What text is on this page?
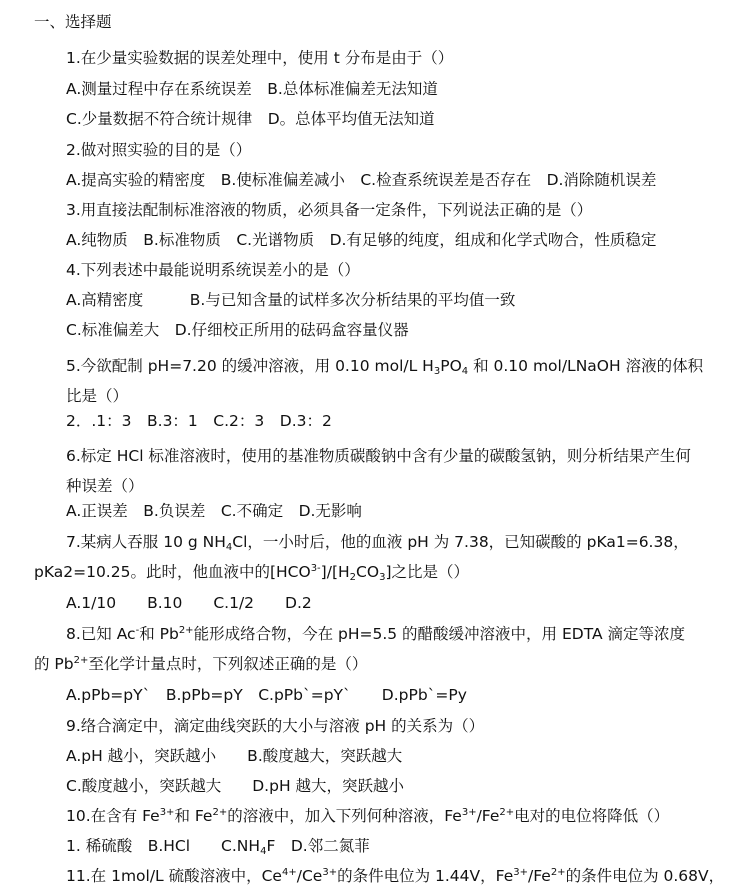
一、选择题
1.在少量实验数据的误差处理中，使用 t 分布是由于（）
A.测量过程中存在系统误差　B.总体标准偏差无法知道
C.少量数据不符合统计规律　D。总体平均值无法知道
2.做对照实验的目的是（）
A.提高实验的精密度　B.使标准偏差减小　C.检查系统误差是否存在　D.消除随机误差
3.用直接法配制标准溶液的物质，必须具备一定条件，下列说法正确的是（）
A.纯物质　B.标准物质　C.光谱物质　D.有足够的纯度，组成和化学式吻合，性质稳定
4.下列表述中最能说明系统误差小的是（）
A.高精密度　　　B.与已知含量的试样多次分析结果的平均值一致
C.标准偏差大　D.仔细校正所用的砝码盒容量仪器
5.今欲配制 pH=7.20 的缓冲溶液，用 0.10 mol/L $H_3PO_4$ 和 0.10 mol/LNaOH 溶液的体积比是（）
2．.1：3　B.3：1　C.2：3　D.3：2
6.标定 HCl 标准溶液时，使用的基准物质碳酸钠中含有少量的碳酸氢钠，则分析结果产生何种误差（）
A.正误差　B.负误差　C.不确定　D.无影响
7.某病人吞服 10 g $NH_4Cl$，一小时后，他的血液 pH 为 7.38，已知碳酸的 pKa1=6.38，
pKa2=10.25。此时，他血液中的$[HCO^{3-}]/[H_2CO_3]$之比是（）
A.1/10　　B.10　　C.1/2　　D.2
8.已知 Ac-和 $Pb^{2+}$能形成络合物，今在 pH=5.5 的醋酸缓冲溶液中，用 EDTA 滴定等浓度
的 $Pb^{2+}$至化学计量点时，下列叙述正确的是（）
A.pPb=pY`　B.pPb=pY　C.pPb`=pY`　　D.pPb`=Py
9.络合滴定中，滴定曲线突跃的大小与溶液 pH 的关系为（）
A.pH 越小，突跃越小　　B.酸度越大，突跃越大
C.酸度越小，突跃越大　　D.pH 越大，突跃越小
10.在含有 $Fe^{3+}$和 $Fe^{2+}$的溶液中，加入下列何种溶液，$Fe^{3+}/Fe^{2+}$电对的电位将降低（）
1. 稀硫酸　B.HCl　　$C.NH_4F$　D.邻二氮菲
11.在 1mol/L 硫酸溶液中，$Ce^{4+}/Ce^{3+}$的条件电位为 1.44V，$Fe^{3+}/Fe^{2+}$的条件电位为 0.68V，
